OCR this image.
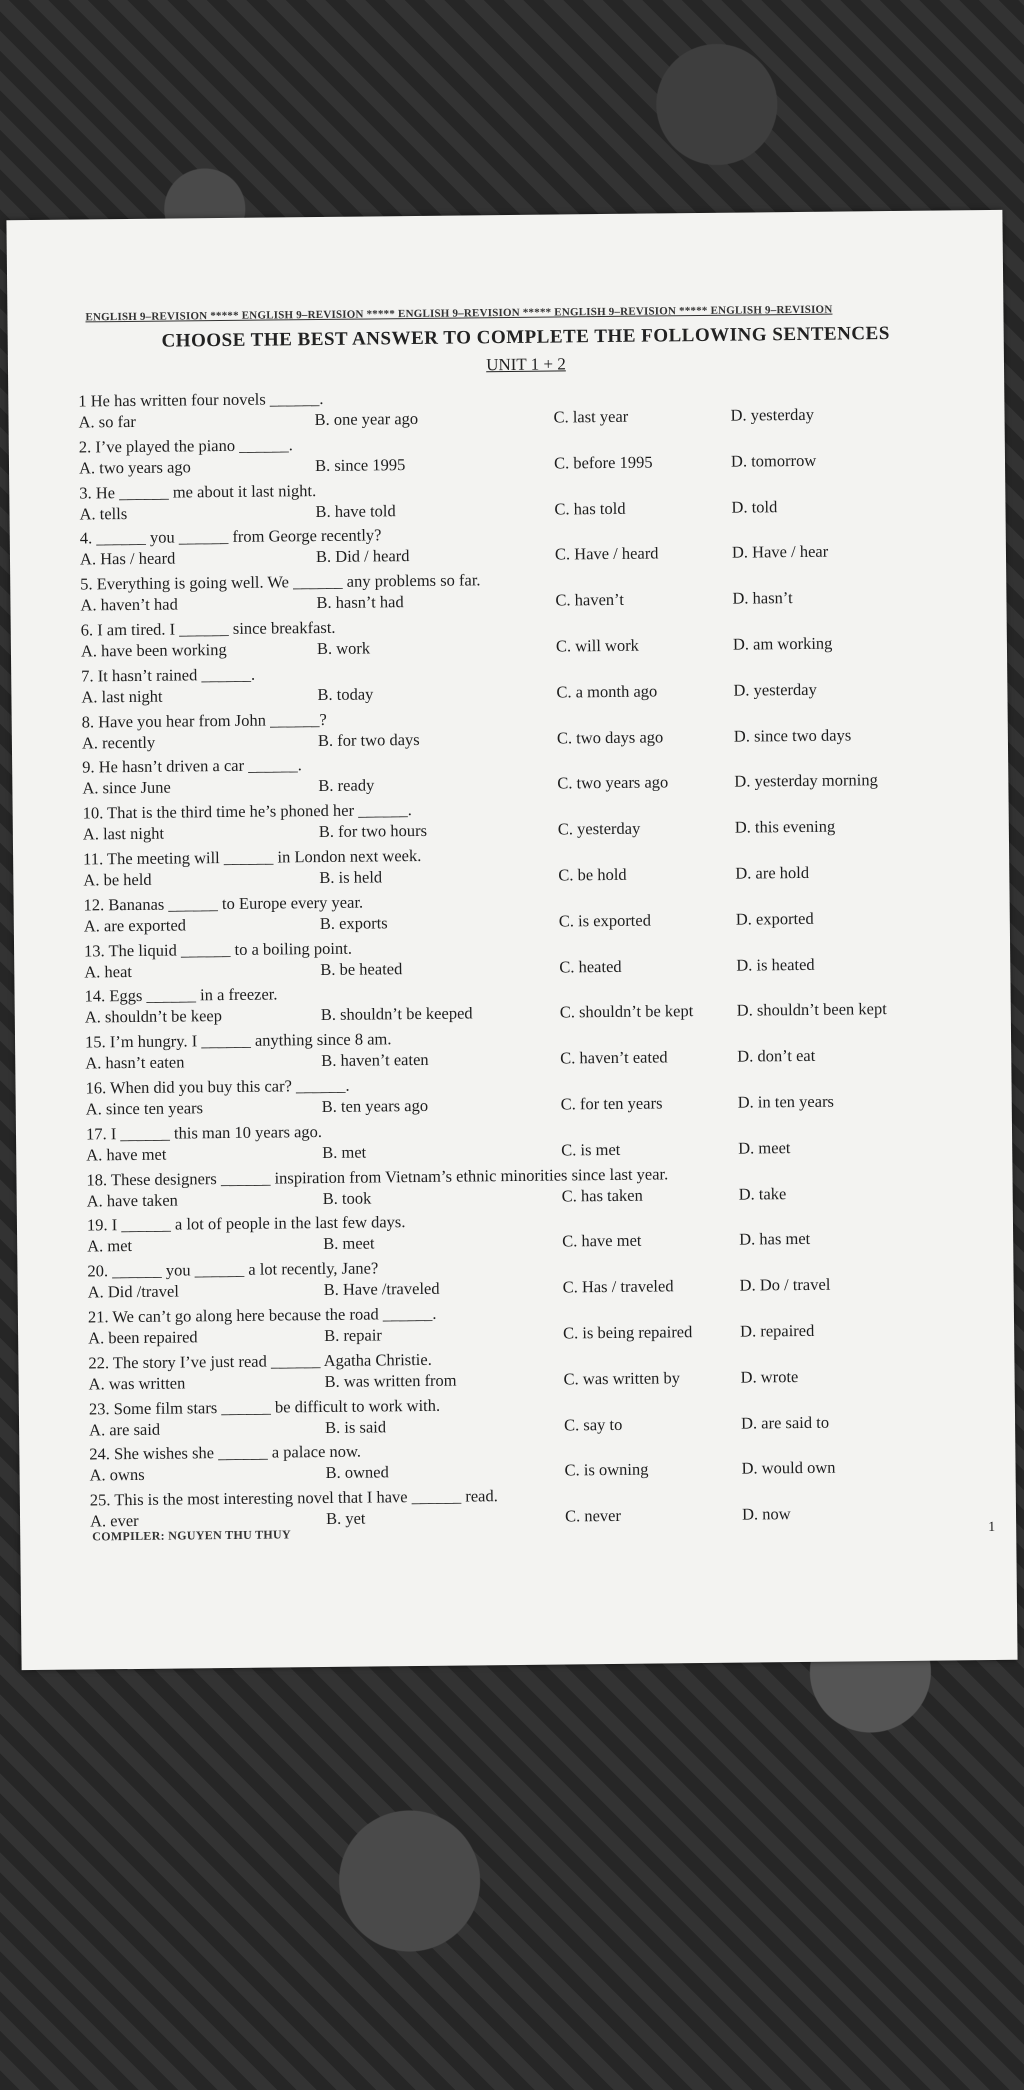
ENGLISH 9–REVISION ***** ENGLISH 9–REVISION ***** ENGLISH 9–REVISION ***** ENGLISH 9–REVISION ***** ENGLISH 9–REVISION
CHOOSE THE BEST ANSWER TO COMPLETE THE FOLLOWING SENTENCES
UNIT 1 + 2
1 He has written four novels ______.
A. so far	B. one year ago	C. last year	D. yesterday
2. I’ve played the piano ______.
A. two years ago	B. since 1995	C. before 1995	D. tomorrow
3. He ______ me about it last night.
A. tells	B. have told	C. has told	D. told
4. ______ you ______ from George recently?
A. Has / heard	B. Did / heard	C. Have / heard	D. Have / hear
5. Everything is going well. We ______ any problems so far.
A. haven’t had	B. hasn’t had	C. haven’t	D. hasn’t
6. I am tired. I ______ since breakfast.
A. have been working	B. work	C. will work	D. am working
7. It hasn’t rained ______.
A. last night	B. today	C. a month ago	D. yesterday
8. Have you hear from John ______?
A. recently	B. for two days	C. two days ago	D. since two days
9. He hasn’t driven a car ______.
A. since June	B. ready	C. two years ago	D. yesterday morning
10. That is the third time he’s phoned her ______.
A. last night	B. for two hours	C. yesterday	D. this evening
11. The meeting will ______ in London next week.
A. be held	B. is held	C. be hold	D. are hold
12. Bananas ______ to Europe every year.
A. are exported	B. exports	C. is exported	D. exported
13. The liquid ______ to a boiling point.
A. heat	B. be heated	C. heated	D. is heated
14. Eggs ______ in a freezer.
A. shouldn’t be keep	B. shouldn’t be keeped	C. shouldn’t be kept	D. shouldn’t been kept
15. I’m hungry. I ______ anything since 8 am.
A. hasn’t eaten	B. haven’t eaten	C. haven’t eated	D. don’t eat
16. When did you buy this car? ______.
A. since ten years	B. ten years ago	C. for ten years	D. in ten years
17. I ______ this man 10 years ago.
A. have met	B. met	C. is met	D. meet
18. These designers ______ inspiration from Vietnam’s ethnic minorities since last year.
A. have taken	B. took	C. has taken	D. take
19. I ______ a lot of people in the last few days.
A. met	B. meet	C. have met	D. has met
20. ______ you ______ a lot recently, Jane?
A. Did /travel	B. Have /traveled	C. Has / traveled	D. Do / travel
21. We can’t go along here because the road ______.
A. been repaired	B. repair	C. is being repaired	D. repaired
22. The story I’ve just read ______ Agatha Christie.
A. was written	B. was written from	C. was written by	D. wrote
23. Some film stars ______ be difficult to work with.
A. are said	B. is said	C. say to	D. are said to
24. She wishes she ______ a palace now.
A. owns	B. owned	C. is owning	D. would own
25. This is the most interesting novel that I have ______ read.
A. ever	B. yet	C. never	D. now
COMPILER: NGUYEN THU THUY	1
